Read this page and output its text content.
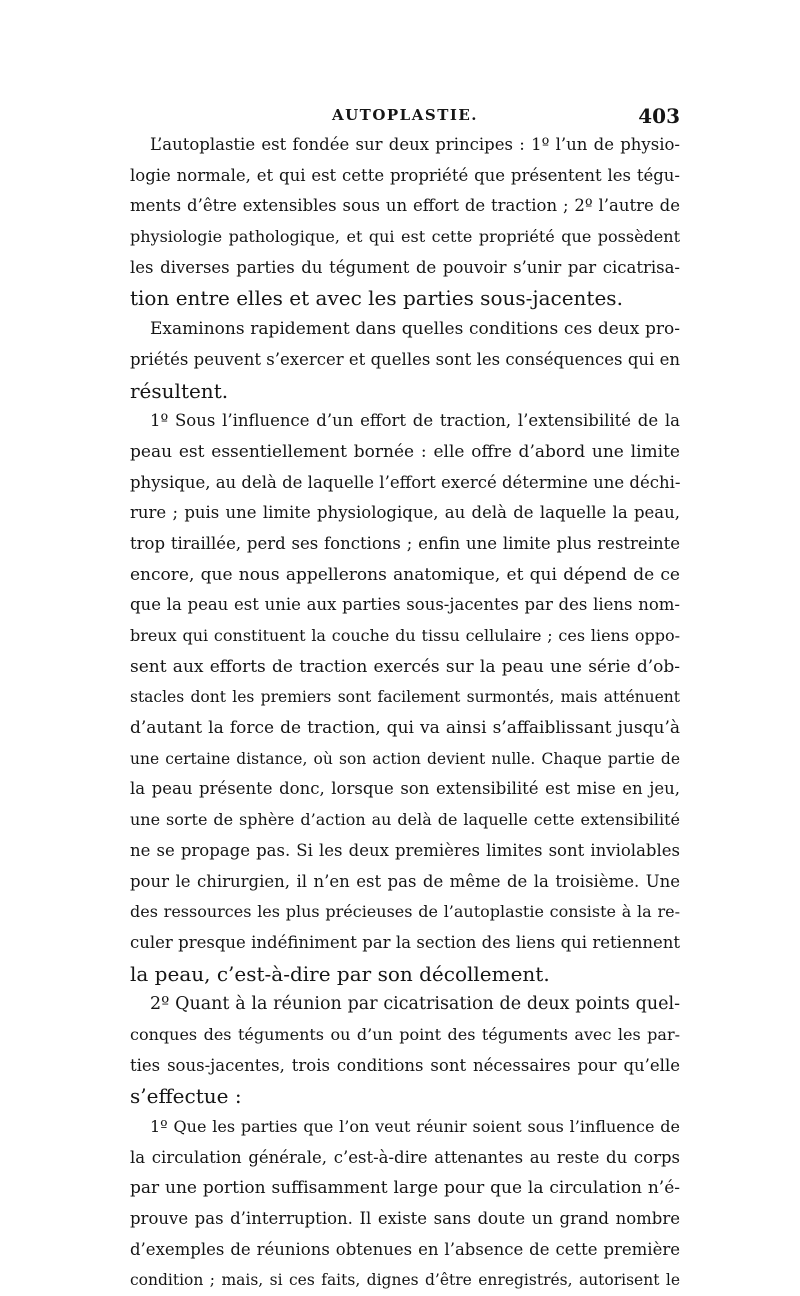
AUTOPLASTIE.	403
L’autoplastie est fondée sur deux principes : 1º l’un de physio-
logie normale, et qui est cette propriété que présentent les tégu-
ments d’être extensibles sous un effort de traction ; 2º l’autre de
physiologie pathologique, et qui est cette propriété que possèdent
les diverses parties du tégument de pouvoir s’unir par cicatrisa-
tion entre elles et avec les parties sous-jacentes.
Examinons rapidement dans quelles conditions ces deux pro-
priétés peuvent s’exercer et quelles sont les conséquences qui en
résultent.
1º Sous l’influence d’un effort de traction, l’extensibilité de la
peau est essentiellement bornée : elle offre d’abord une limite
physique, au delà de laquelle l’effort exercé détermine une déchi-
rure ; puis une limite physiologique, au delà de laquelle la peau,
trop tiraillée, perd ses fonctions ; enfin une limite plus restreinte
encore, que nous appellerons anatomique, et qui dépend de ce
que la peau est unie aux parties sous-jacentes par des liens nom-
breux qui constituent la couche du tissu cellulaire ; ces liens oppo-
sent aux efforts de traction exercés sur la peau une série d’ob-
stacles dont les premiers sont facilement surmontés, mais atténuent
d’autant la force de traction, qui va ainsi s’affaiblissant jusqu’à
une certaine distance, où son action devient nulle. Chaque partie de
la peau présente donc, lorsque son extensibilité est mise en jeu,
une sorte de sphère d’action au delà de laquelle cette extensibilité
ne se propage pas. Si les deux premières limites sont inviolables
pour le chirurgien, il n’en est pas de même de la troisième. Une
des ressources les plus précieuses de l’autoplastie consiste à la re-
culer presque indéfiniment par la section des liens qui retiennent
la peau, c’est-à-dire par son décollement.
2º Quant à la réunion par cicatrisation de deux points quel-
conques des téguments ou d’un point des téguments avec les par-
ties sous-jacentes, trois conditions sont nécessaires pour qu’elle
s’effectue :
1º Que les parties que l’on veut réunir soient sous l’influence de
la circulation générale, c’est-à-dire attenantes au reste du corps
par une portion suffisamment large pour que la circulation n’é-
prouve pas d’interruption. Il existe sans doute un grand nombre
d’exemples de réunions obtenues en l’absence de cette première
condition ; mais, si ces faits, dignes d’être enregistrés, autorisent le
